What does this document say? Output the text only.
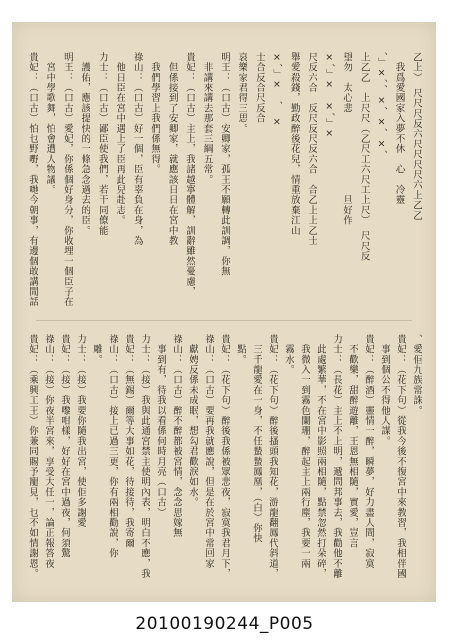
乙上）　尺尺尺反六尺尺尺尺六上乙乙
　我爲愛國家入夢不休　心　冷靈
、」×、、×、×、×、
上乙乙　上尺尺（乙尺工六尺工上尺）　尺尺反
望勿　太心悲　　　　　　　　旦好作
×、」×　×、」×
尺反六合　反尺反尺反六合　合乙上上乙士
舉愛殺錢，勤政醉後花兒，情重放棄江山
×、」×　、　×
士合反合尺反合
哀樂家君得三思。
明王：（口古）安卿家，孤王不願轉此訓調，你無
　非講來講去那套三綱五常。
貴妃：（口古）主上，我諸越寧體解，訓辭雖然憂慮，
　但係接到了安卿家，就應該日日在宮中教
　我們學習上我們係無得。
祿山：（口古）好一個，臣有辜負在身，為
　他日臣在宮中遇上了臣再此兒赴志。
力士：（口古）鄙臣使我們，若干同僚能
　護佑，應該提快的一條急念過去的臣。
明王：（口古）愛妃，你係個好身分，你收埋一個臣子在
　宮中學歌舞，怕會遭人物議。
貴妃：（口古）怕乜野嘢，我哋今朝事，有邊個敢講閒話
、愛佢九族常誅。
貴妃：（花下句）從我今後不復宮中來教習，我相伴國
　事到個公不得他人謀。
貴妃：（醉酒）靈情一醉，瞬夢，好力盡人間，寂寞
　不歡樂，甜醉遊離，王恩無相隨，實愛，豈言
力士：（長花）主上不上明，遞問邦事去，我勸他不離
　此處繁華，不在宮中影照兩相隨，點禁忽然打朵碎，
　我微入一到霧色闌珊，醉起主上兩行塵，我要一兩
　霧水。
貴妃：（花下句）醉後搔頭我知花，游龍翻鳳代斜道，
　三千龍愛在一身，不任蟄蟄鳳凰，（白）你快
　點。
貴妃：（花下句）醉後我係被眾悲夜，寂寞我君月下，
祿山：（口古）要再我就應說，但是在於宮中常回家
　獻娉反係未成眠，想勾君歡淚如水。
祿山：（口古）醉不醉都被宮情，念念思嫁無
　事到有，待我以看係何時月亮（口古）
力士：（接）我與此通宮禁主使明內表，明白不應，我
貴妃：（無錫）爾等大事如花，待接待，我寄爾
祿山：（口古）接上已過三更，你有兩相勸說，你
　雕。
力士：（接）我要你隨我出宮，使佢多謝愛
貴妃：（接）我嚟咁樣，好好在宮中過夜，何須驚
祿山：（接）你夜半宮來，享受大任一，論正報答夜
貴妃：（乘興工王）你兼同賜予寵見，乜不如情謝恩。
20100190244_P005
